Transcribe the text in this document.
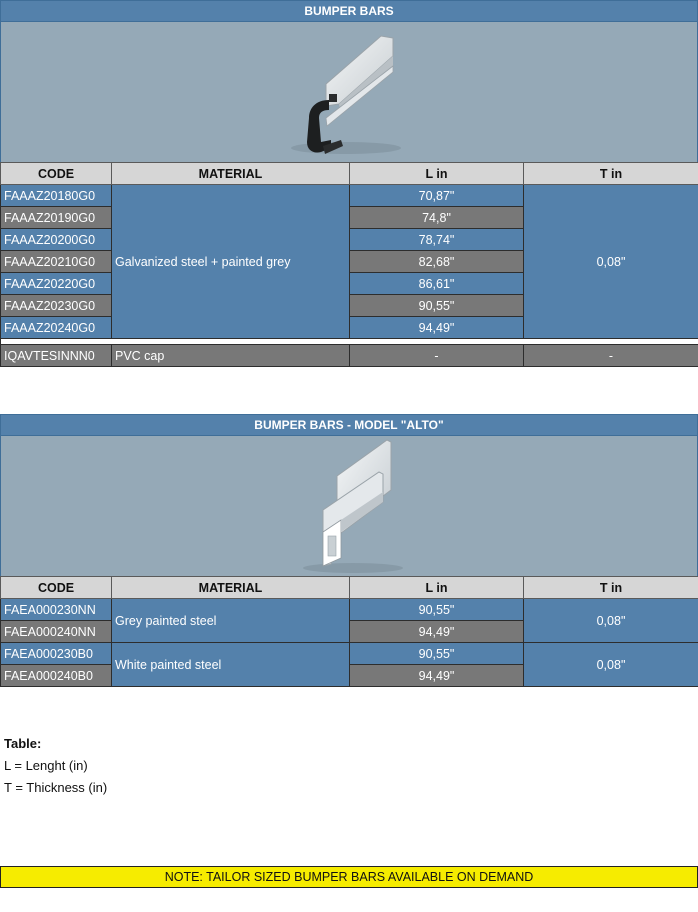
BUMPER BARS
CODE	MATERIAL	L in	T in
FAAAZ20180G0	Galvanized steel + painted grey	70,87"	0,08"
FAAAZ20190G0		74,8"	
FAAAZ20200G0		78,74"	
FAAAZ20210G0		82,68"	
FAAAZ20220G0		86,61"	
FAAAZ20230G0		90,55"	
FAAAZ20240G0		94,49"	

IQAVTESINNN0	PVC cap	-	-
BUMPER BARS - MODEL "ALTO"
CODE	MATERIAL	L in	T in
FAEA000230NN	Grey painted steel	90,55"	0,08"
FAEA000240NN		94,49"	
FAEA000230B0	White painted steel	90,55"	0,08"
FAEA000240B0		94,49"	
Table:
L = Lenght (in)
T = Thickness (in)
NOTE: TAILOR SIZED BUMPER BARS AVAILABLE ON DEMAND
